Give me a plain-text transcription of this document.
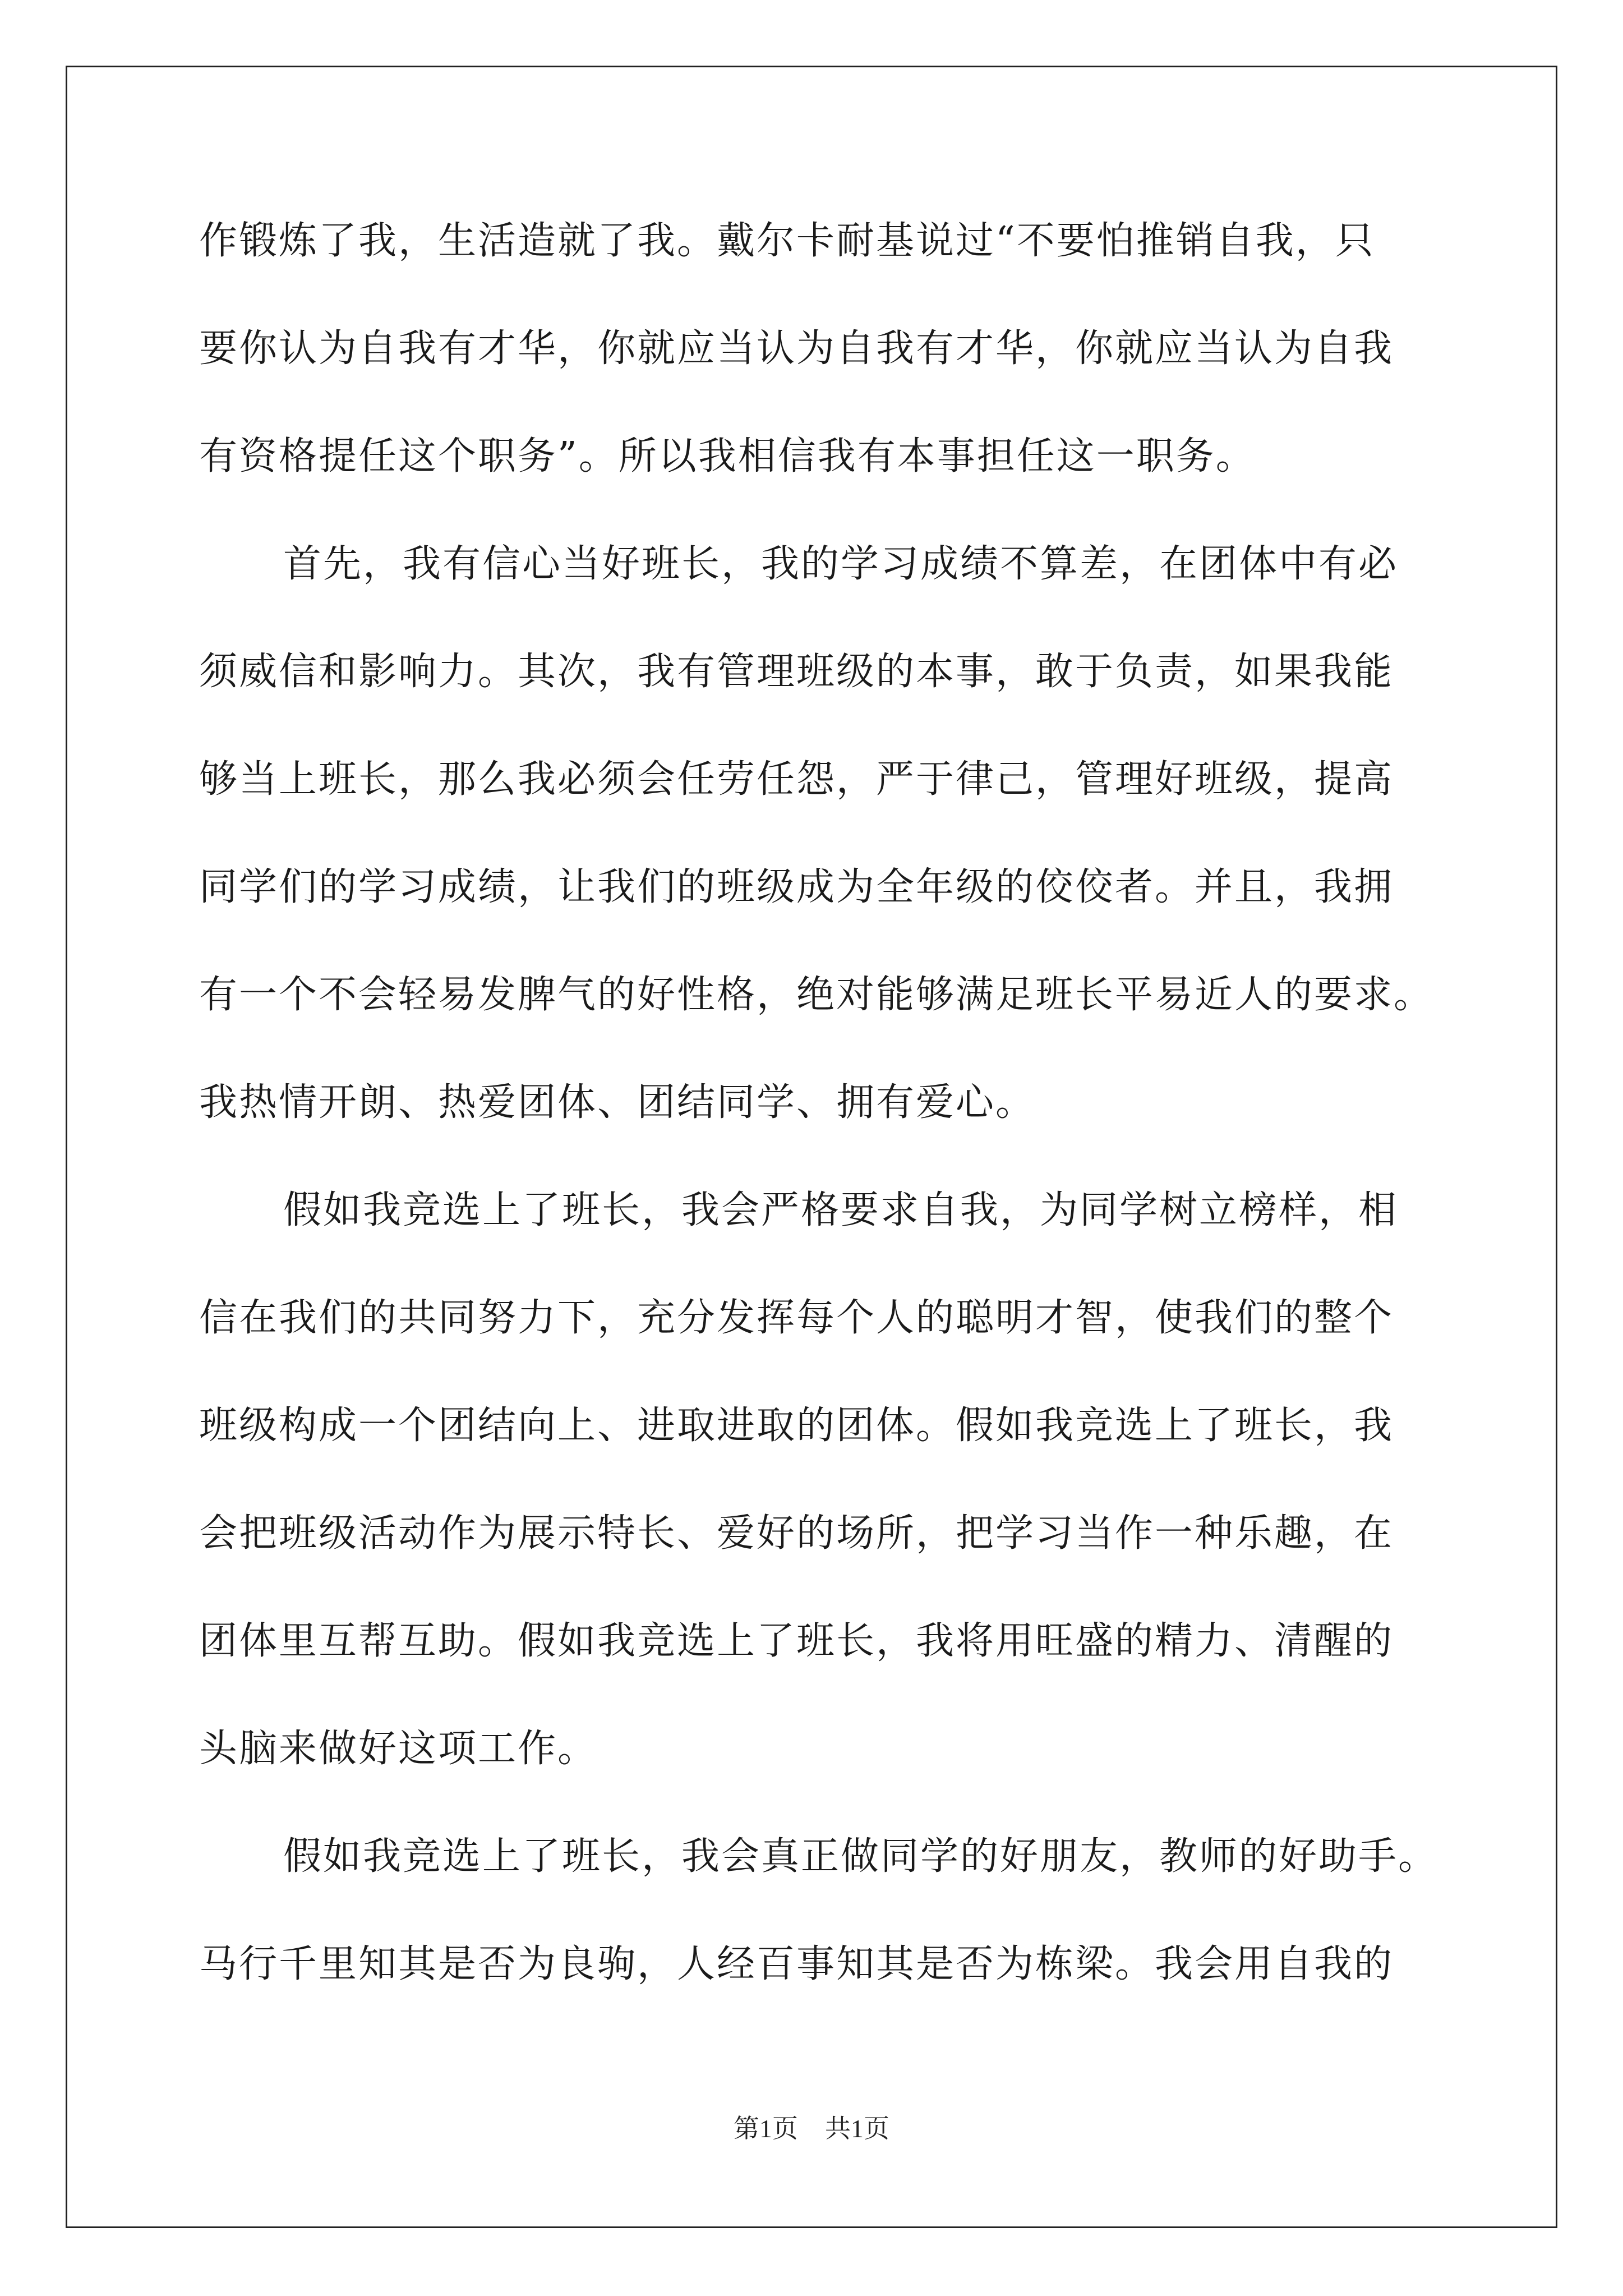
作锻炼了我，生活造就了我。戴尔卡耐基说过“不要怕推销自我，只
要你认为自我有才华，你就应当认为自我有才华，你就应当认为自我
有资格提任这个职务”。所以我相信我有本事担任这一职务。
首先，我有信心当好班长，我的学习成绩不算差，在团体中有必
须威信和影响力。其次，我有管理班级的本事，敢于负责，如果我能
够当上班长，那么我必须会任劳任怨，严于律己，管理好班级，提高
同学们的学习成绩，让我们的班级成为全年级的佼佼者。并且，我拥
有一个不会轻易发脾气的好性格，绝对能够满足班长平易近人的要求。
我热情开朗、热爱团体、团结同学、拥有爱心。
假如我竞选上了班长，我会严格要求自我，为同学树立榜样，相
信在我们的共同努力下，充分发挥每个人的聪明才智，使我们的整个
班级构成一个团结向上、进取进取的团体。假如我竞选上了班长，我
会把班级活动作为展示特长、爱好的场所，把学习当作一种乐趣，在
团体里互帮互助。假如我竞选上了班长，我将用旺盛的精力、清醒的
头脑来做好这项工作。
假如我竞选上了班长，我会真正做同学的好朋友，教师的好助手。
马行千里知其是否为良驹，人经百事知其是否为栋梁。我会用自我的
第1页 共1页
